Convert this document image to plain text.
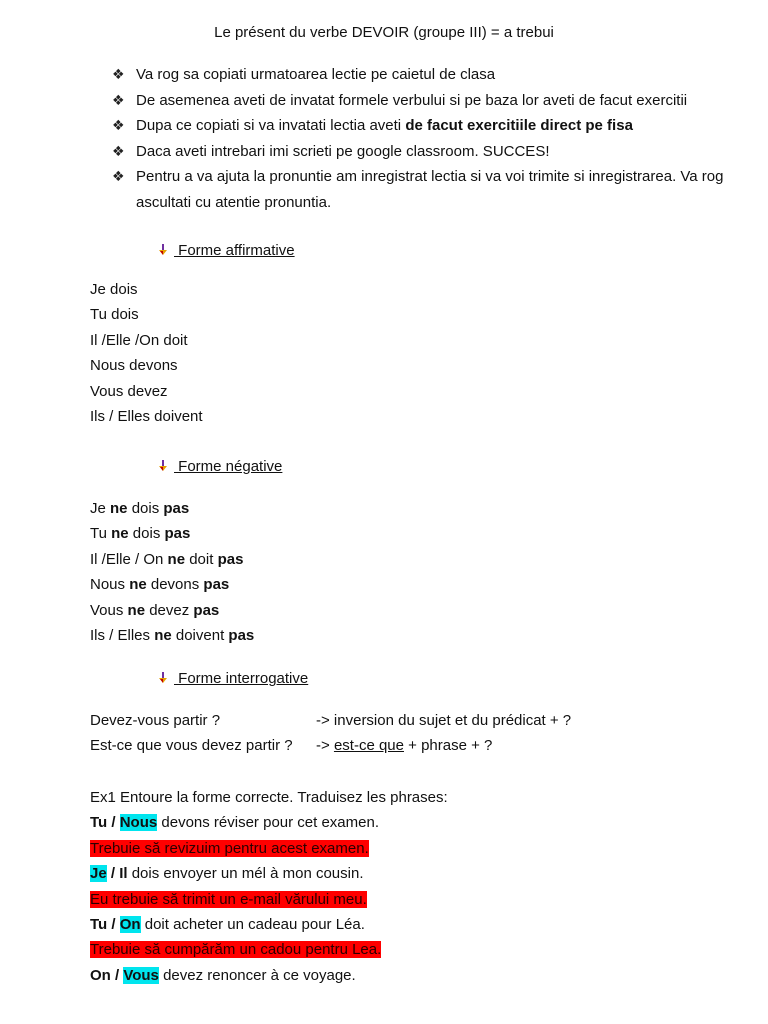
Le présent du verbe DEVOIR (groupe III) = a trebui
❖ Va rog sa copiati urmatoarea lectie pe caietul de clasa
❖ De asemenea aveti de invatat formele verbului si pe baza lor aveti de facut exercitii
❖ Dupa ce copiati si va invatati lectia aveti de facut exercitiile direct pe fisa
❖ Daca aveti intrebari imi scrieti pe google classroom. SUCCES!
❖ Pentru a va ajuta la pronuntie am inregistrat lectia si va voi trimite si inregistrarea. Va rog ascultati cu atentie pronuntia.
Forme affirmative
Je dois
Tu dois
Il /Elle /On doit
Nous devons
Vous devez
Ils / Elles doivent
Forme négative
Je ne dois pas
Tu ne dois pas
Il /Elle / On ne doit pas
Nous ne devons pas
Vous ne devez pas
Ils / Elles ne doivent pas
Forme interrogative
Devez-vous partir ?	-> inversion du sujet et du prédicat + ?
Est-ce que vous devez partir ? -> est-ce que + phrase + ?
Ex1 Entoure la forme correcte. Traduisez les phrases:
Tu / Nous devons réviser pour cet examen.
Trebuie să revizuim pentru acest examen.
Je / Il dois envoyer un mél à mon cousin.
Eu trebuie să trimit un e-mail vărului meu.
Tu / On doit acheter un cadeau pour Léa.
Trebuie să cumpărăm un cadou pentru Lea.
On / Vous devez renoncer à ce voyage.
